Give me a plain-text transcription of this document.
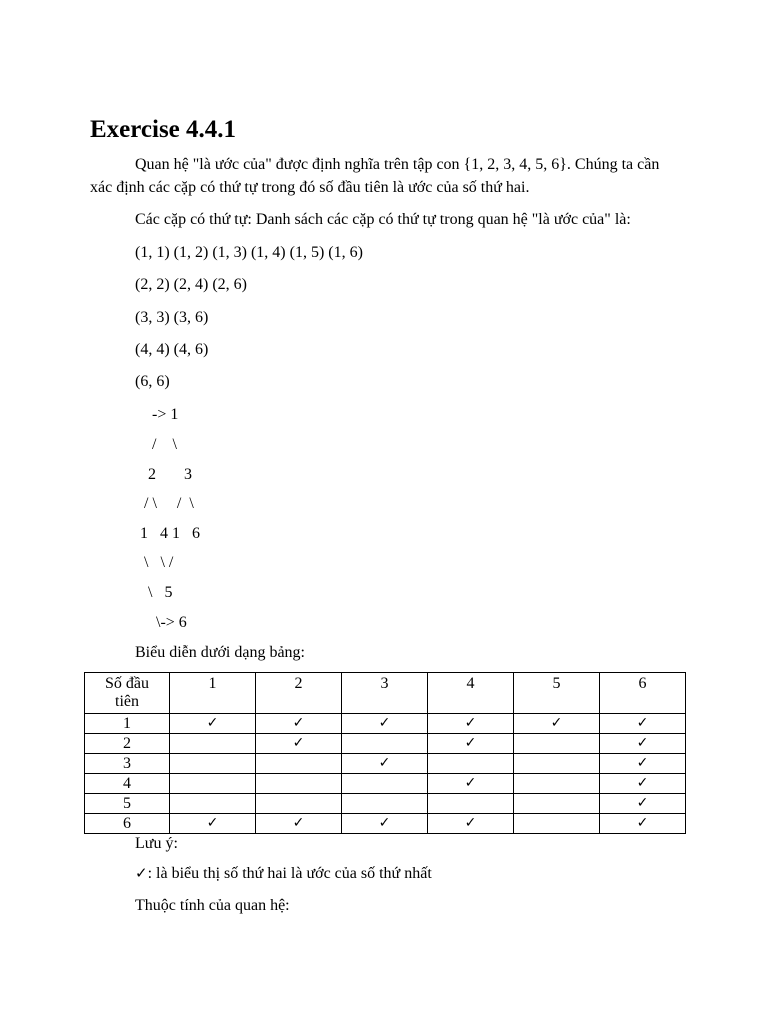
Exercise 4.4.1
Quan hệ "là ước của" được định nghĩa trên tập con {1, 2, 3, 4, 5, 6}. Chúng ta cần
xác định các cặp có thứ tự trong đó số đầu tiên là ước của số thứ hai.
Các cặp có thứ tự: Danh sách các cặp có thứ tự trong quan hệ "là ước của" là:
(1, 1) (1, 2) (1, 3) (1, 4) (1, 5) (1, 6)
(2, 2) (2, 4) (2, 6)
(3, 3) (3, 6)
(4, 4) (4, 6)
(6, 6)
-> 1
/    \
2       3
/ \     /  \
1   4 1   6
\   \ /
\   5
\-> 6
Biểu diễn dưới dạng bảng:
Số đầu
tiên	1	2	3	4	5	6
1	✓	✓	✓	✓	✓	✓
2		✓		✓		✓
3			✓			✓
4				✓		✓
5						✓
6	✓	✓	✓	✓		✓
Lưu ý:
✓: là biểu thị số thứ hai là ước của số thứ nhất
Thuộc tính của quan hệ:
